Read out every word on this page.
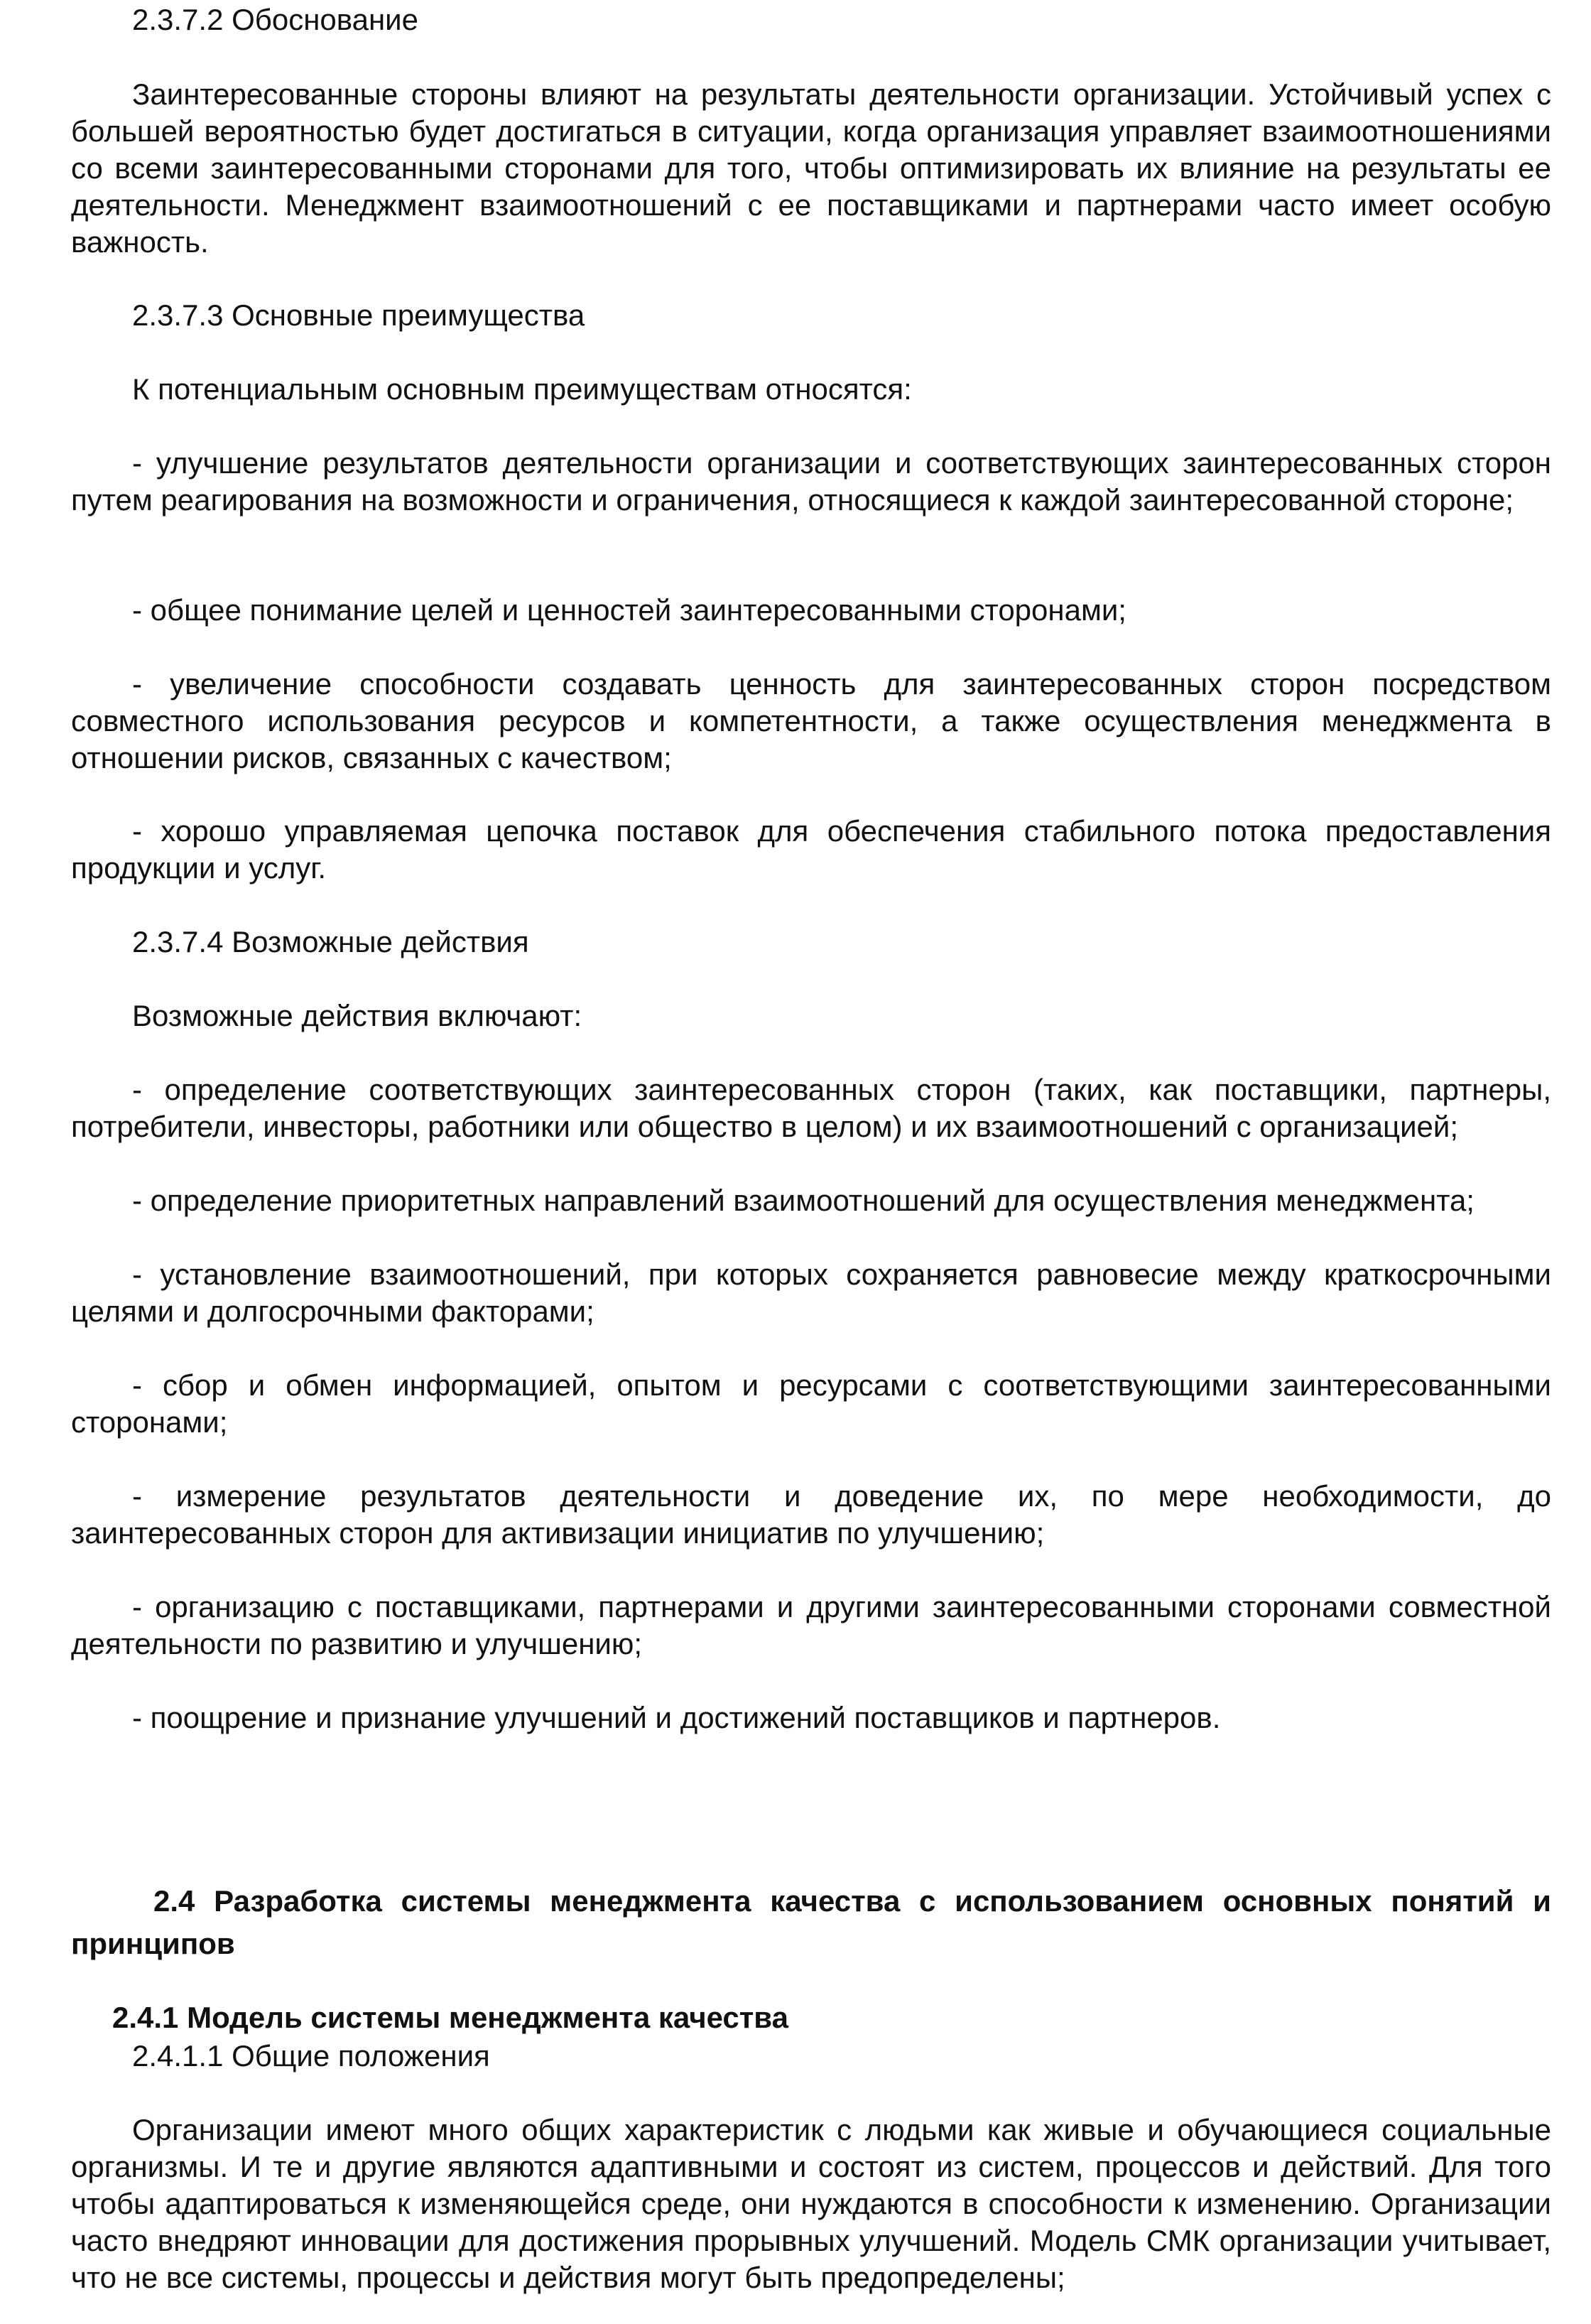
2.3.7.2 Обоснование

Заинтересованные стороны влияют на результаты деятельности организации. Устойчивый успех с большей вероятностью будет достигаться в ситуации, когда организация управляет взаимоотношениями со всеми заинтересованными сторонами для того, чтобы оптимизировать их влияние на результаты ее деятельности. Менеджмент взаимоотношений с ее поставщиками и партнерами часто имеет особую важность.

2.3.7.3 Основные преимущества

К потенциальным основным преимуществам относятся:

- улучшение результатов деятельности организации и соответствующих заинтересованных сторон путем реагирования на возможности и ограничения, относящиеся к каждой заинтересованной стороне;

- общее понимание целей и ценностей заинтересованными сторонами;

- увеличение способности создавать ценность для заинтересованных сторон посредством совместного использования ресурсов и компетентности, а также осуществления менеджмента в отношении рисков, связанных с качеством;

- хорошо управляемая цепочка поставок для обеспечения стабильного потока предоставления продукции и услуг.

2.3.7.4 Возможные действия

Возможные действия включают:

- определение соответствующих заинтересованных сторон (таких, как поставщики, партнеры, потребители, инвесторы, работники или общество в целом) и их взаимоотношений с организацией;

- определение приоритетных направлений взаимоотношений для осуществления менеджмента;

- установление взаимоотношений, при которых сохраняется равновесие между краткосрочными целями и долгосрочными факторами;

- сбор и обмен информацией, опытом и ресурсами с соответствующими заинтересованными сторонами;

- измерение результатов деятельности и доведение их, по мере необходимости, до заинтересованных сторон для активизации инициатив по улучшению;

- организацию с поставщиками, партнерами и другими заинтересованными сторонами совместной деятельности по развитию и улучшению;

- поощрение и признание улучшений и достижений поставщиков и партнеров.

2.4 Разработка системы менеджмента качества с использованием основных понятий и принципов

2.4.1 Модель системы менеджмента качества

2.4.1.1 Общие положения

Организации имеют много общих характеристик с людьми как живые и обучающиеся социальные организмы. И те и другие являются адаптивными и состоят из систем, процессов и действий. Для того чтобы адаптироваться к изменяющейся среде, они нуждаются в способности к изменению. Организации часто внедряют инновации для достижения прорывных улучшений. Модель СМК организации учитывает, что не все системы, процессы и действия могут быть предопределены;
